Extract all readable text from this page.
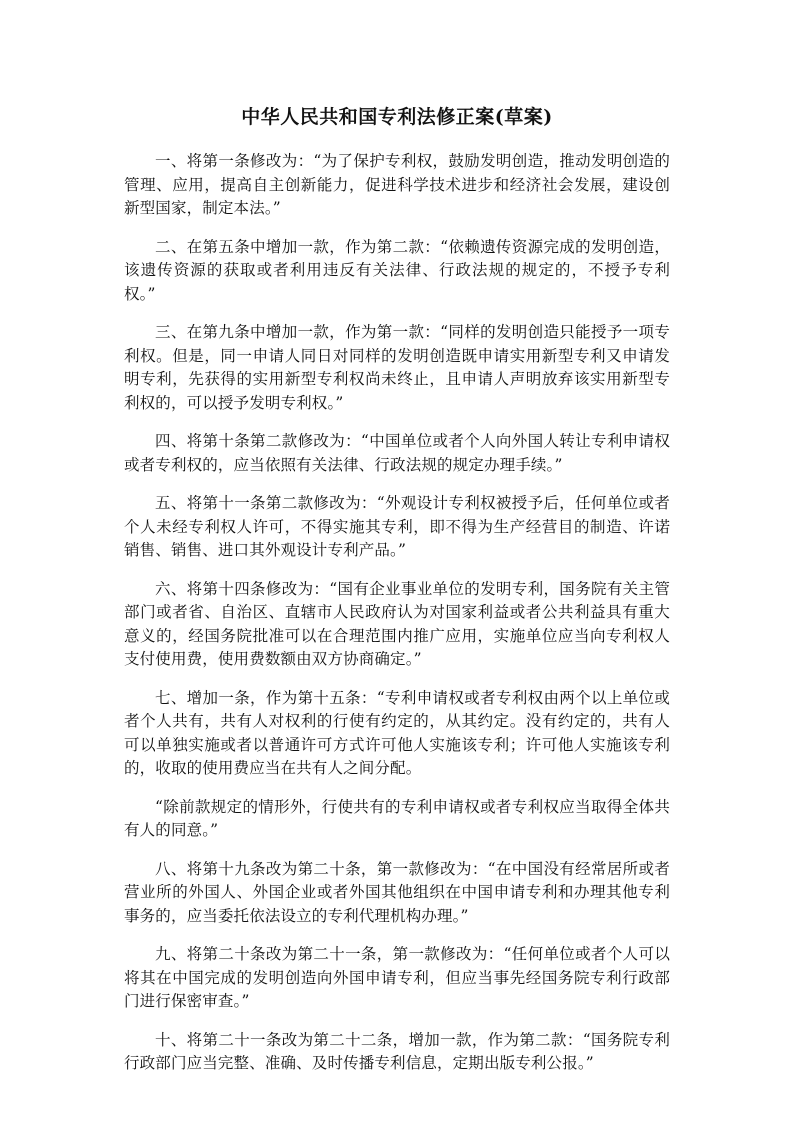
中华人民共和国专利法修正案(草案)

一、将第一条修改为：“为了保护专利权，鼓励发明创造，推动发明创造的管理、应用，提高自主创新能力，促进科学技术进步和经济社会发展，建设创新型国家，制定本法。”

二、在第五条中增加一款，作为第二款：“依赖遗传资源完成的发明创造，该遗传资源的获取或者利用违反有关法律、行政法规的规定的，不授予专利权。”

三、在第九条中增加一款，作为第一款：“同样的发明创造只能授予一项专利权。但是，同一申请人同日对同样的发明创造既申请实用新型专利又申请发明专利，先获得的实用新型专利权尚未终止，且申请人声明放弃该实用新型专利权的，可以授予发明专利权。”

四、将第十条第二款修改为：“中国单位或者个人向外国人转让专利申请权或者专利权的，应当依照有关法律、行政法规的规定办理手续。”

五、将第十一条第二款修改为：“外观设计专利权被授予后，任何单位或者个人未经专利权人许可，不得实施其专利，即不得为生产经营目的制造、许诺销售、销售、进口其外观设计专利产品。”

六、将第十四条修改为：“国有企业事业单位的发明专利，国务院有关主管部门或者省、自治区、直辖市人民政府认为对国家利益或者公共利益具有重大意义的，经国务院批准可以在合理范围内推广应用，实施单位应当向专利权人支付使用费，使用费数额由双方协商确定。”

七、增加一条，作为第十五条：“专利申请权或者专利权由两个以上单位或者个人共有，共有人对权利的行使有约定的，从其约定。没有约定的，共有人可以单独实施或者以普通许可方式许可他人实施该专利；许可他人实施该专利的，收取的使用费应当在共有人之间分配。

“除前款规定的情形外，行使共有的专利申请权或者专利权应当取得全体共有人的同意。”

八、将第十九条改为第二十条，第一款修改为：“在中国没有经常居所或者营业所的外国人、外国企业或者外国其他组织在中国申请专利和办理其他专利事务的，应当委托依法设立的专利代理机构办理。”

九、将第二十条改为第二十一条，第一款修改为：“任何单位或者个人可以将其在中国完成的发明创造向外国申请专利，但应当事先经国务院专利行政部门进行保密审查。”

十、将第二十一条改为第二十二条，增加一款，作为第二款：“国务院专利行政部门应当完整、准确、及时传播专利信息，定期出版专利公报。”
